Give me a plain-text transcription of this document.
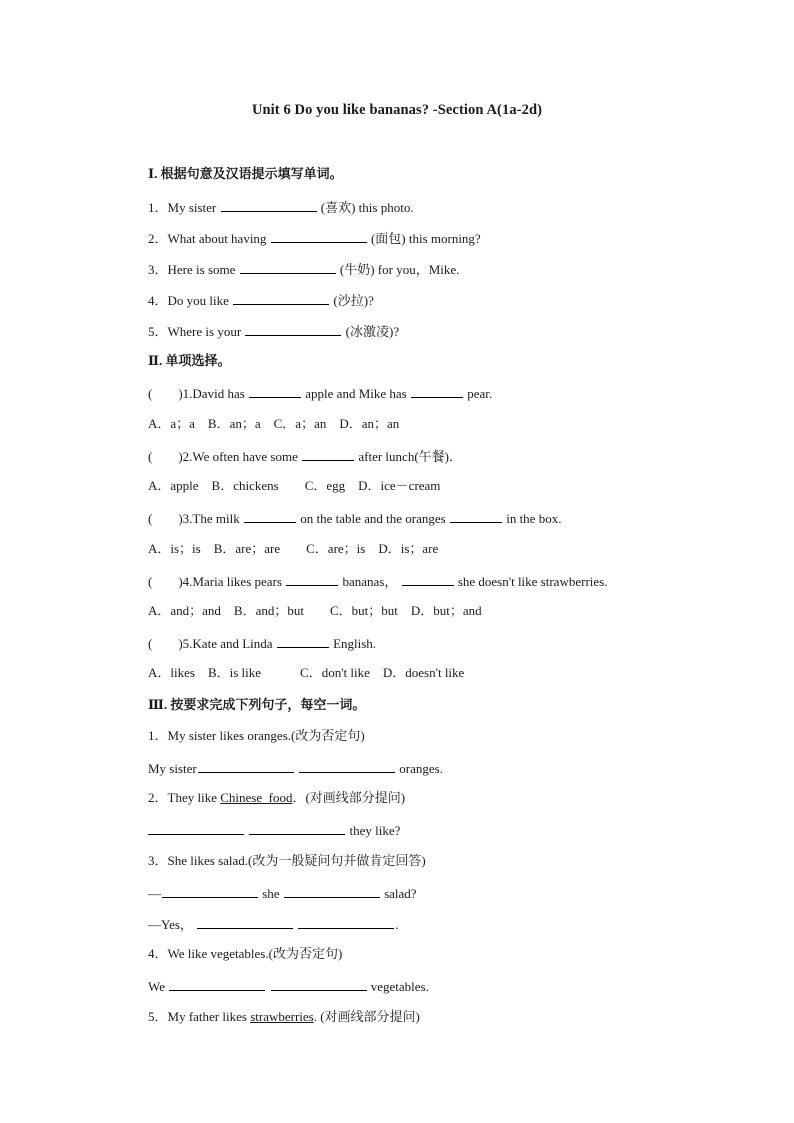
Unit 6 Do you like bananas? -Section A(1a-2d)
Ⅰ. 根据句意及汉语提示填写单词。
1．My sister	(喜欢) this photo.
2．What about having	(面包) this morning?
3．Here is some	(牛奶) for you，Mike.
4．Do you like	(沙拉)?
5．Where is your	(冰激凌)?
Ⅱ. 单项选择。
(　　)1.David has	apple and Mike has	pear.
A．a；a　B．an；a　C．a；an　D．an；an
(　　)2.We often have some	after lunch(午餐)．
A．apple　B．chickens　　C．egg　D．ice－cream
(　　)3.The milk	on the table and the oranges	in the box.
A．is；is　B．are；are　　C．are；is　D．is；are
(　　)4.Maria likes pears	bananas，	she doesn't like strawberries.
A．and；and　B．and；but　　C．but；but　D．but；and
(　　)5.Kate and Linda	English.
A．likes　B．is like　　　C．don't like　D．doesn't like
Ⅲ. 按要求完成下列句子，每空一词。
1．My sister likes oranges.(改为否定句)
My sister	oranges.
2．They like Chinese  food．(对画线部分提问)
they like?
3．She likes salad.(改为一般疑问句并做肯定回答)
—	she	salad?
—Yes，	.
4．We like vegetables.(改为否定句)
We	vegetables.
5．My father likes strawberries. (对画线部分提问)
